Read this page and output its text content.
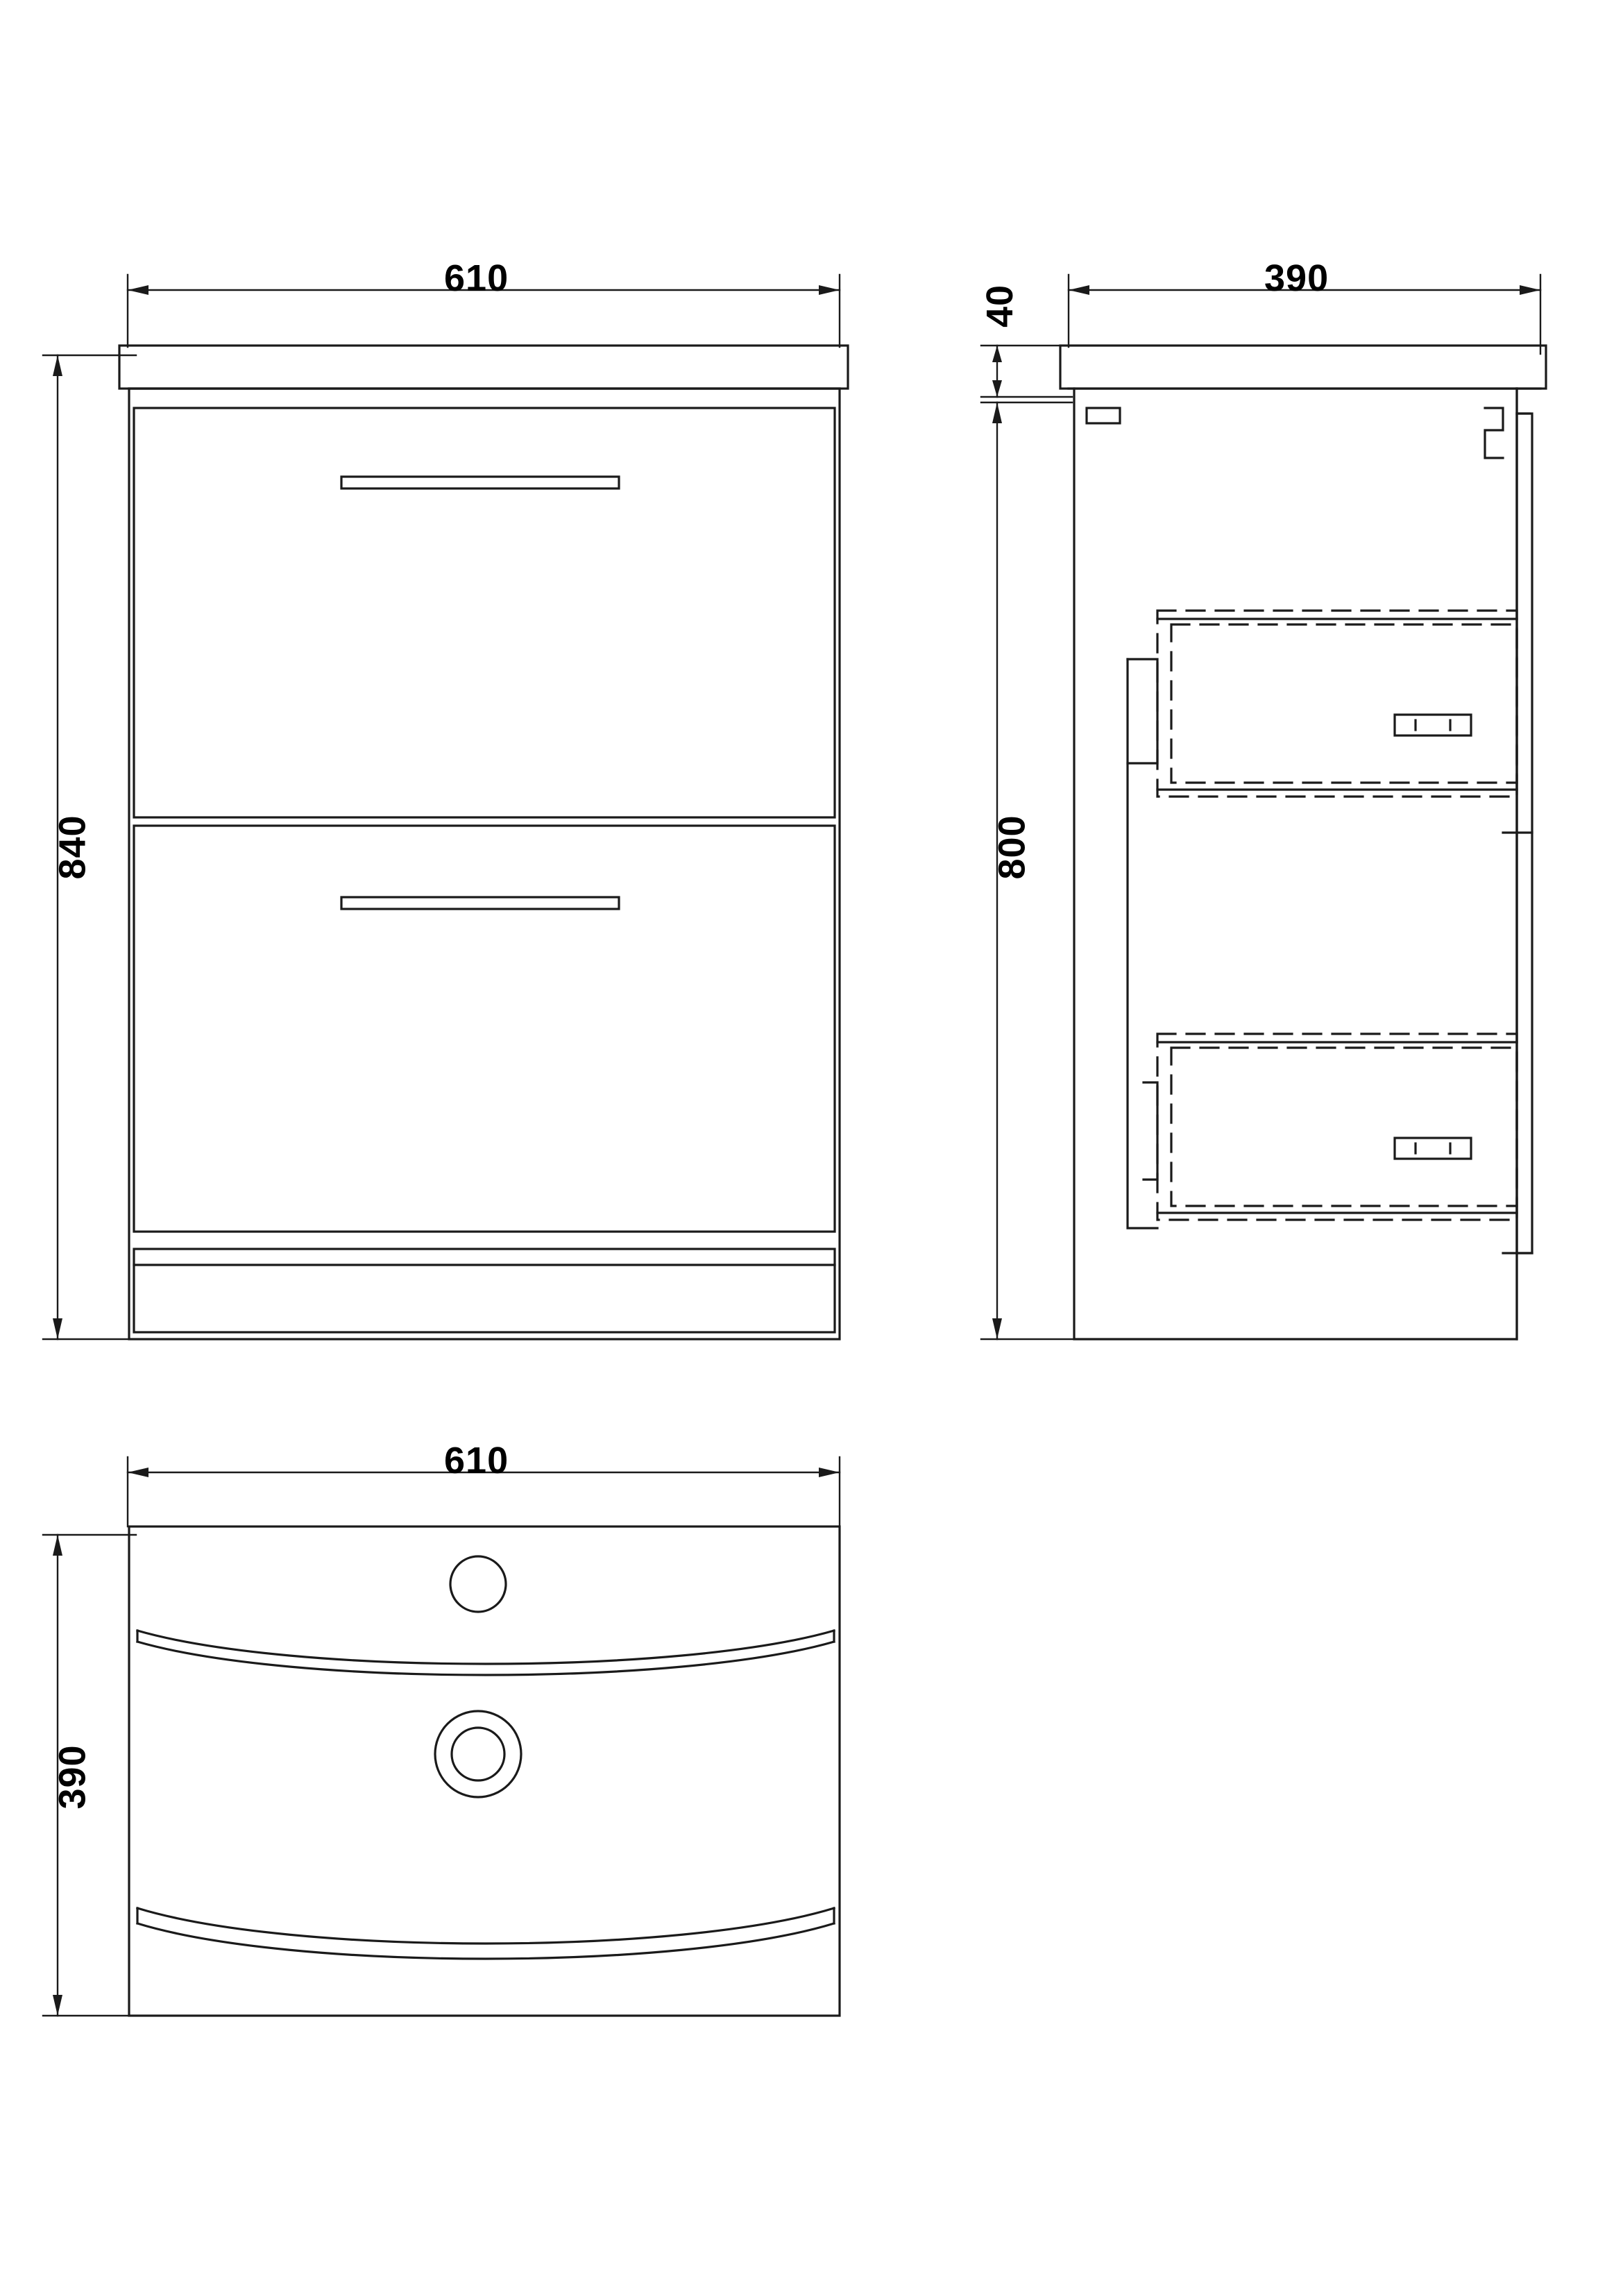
610
840
390
40
800
610
390
